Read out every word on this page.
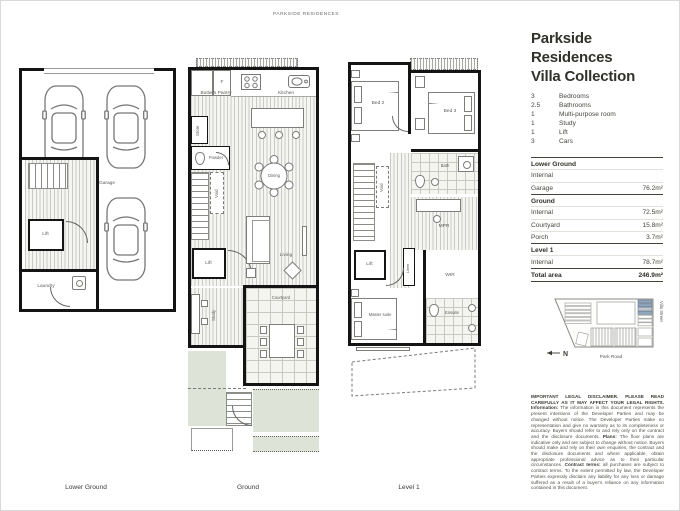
PARKSIDE RESIDENCES
Garage
Lift
Laundry
F
Butler's Pantry	Kitchen
Store
Powder
Dining
Void
Lift
Living
Study
Courtyard
Bed 2
Bed 3
Void
Bath
MPR
Lift	Linen
WIR
Master suite	Ensuite
Lower Ground	Ground	Level 1
Parkside Residences
Villa Collection
3	Bedrooms
2.5	Bathrooms
1	Multi-purpose room
1	Study
1	Lift
3	Cars
Lower Ground
Internal
Garage	76.2m²
Ground
Internal	72.5m²
Courtyard	15.8m²
Porch	3.7m²
Level 1
Internal	78.7m²
Total area	246.9m²
N	Park Road
Villa Street
IMPORTANT LEGAL DISCLAIMER. PLEASE READ CAREFULLY AS IT MAY AFFECT YOUR LEGAL RIGHTS. Information: The information in this document represents the present intentions of the Developer Parties and may be changed without notice. The Developer Parties make no representation and give no warranty as to its completeness or accuracy. Buyers should refer to and rely only on the contract and the disclosure documents. Plans: The floor plans are indicative only and are subject to change without notice. Buyers should make and rely on their own enquiries, the contract and the disclosure documents and where applicable, obtain appropriate professional advice as to their particular circumstances. Contract terms: all purchases are subject to contract terms. To the extent permitted by law, the Developer Parties expressly disclaim any liability for any loss or damage suffered as a result of a buyer's reliance on any information contained in this document.
